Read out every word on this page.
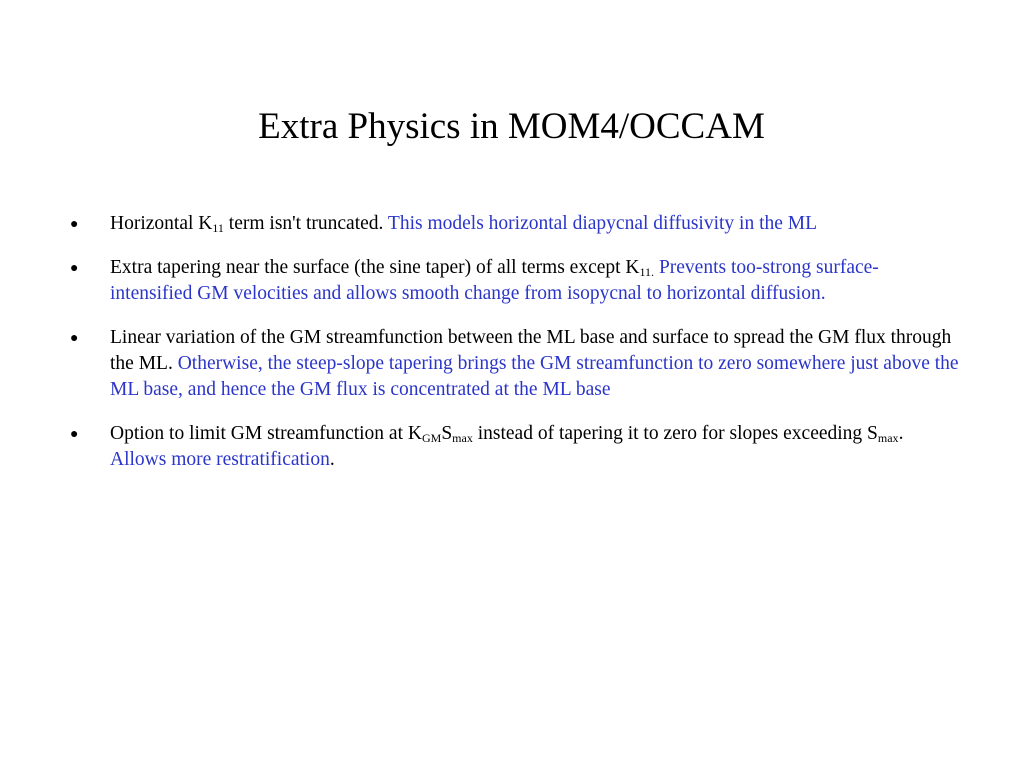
Extra Physics in MOM4/OCCAM
● Horizontal $K_{11}$ term isn't truncated. This models horizontal diapycnal diffusivity in the ML
● Extra tapering near the surface (the sine taper) of all terms except $K_{11.}$ Prevents too-strong surface-intensified GM velocities and allows smooth change from isopycnal to horizontal diffusion.
● Linear variation of the GM streamfunction between the ML base and surface to spread the GM flux through the ML. Otherwise, the steep-slope tapering brings the GM streamfunction to zero somewhere just above the ML base, and hence the GM flux is concentrated at the ML base
● Option to limit GM streamfunction at $K_{GM}S_{max}$ instead of tapering it to zero for slopes exceeding $S_{max}$. Allows more restratification.
